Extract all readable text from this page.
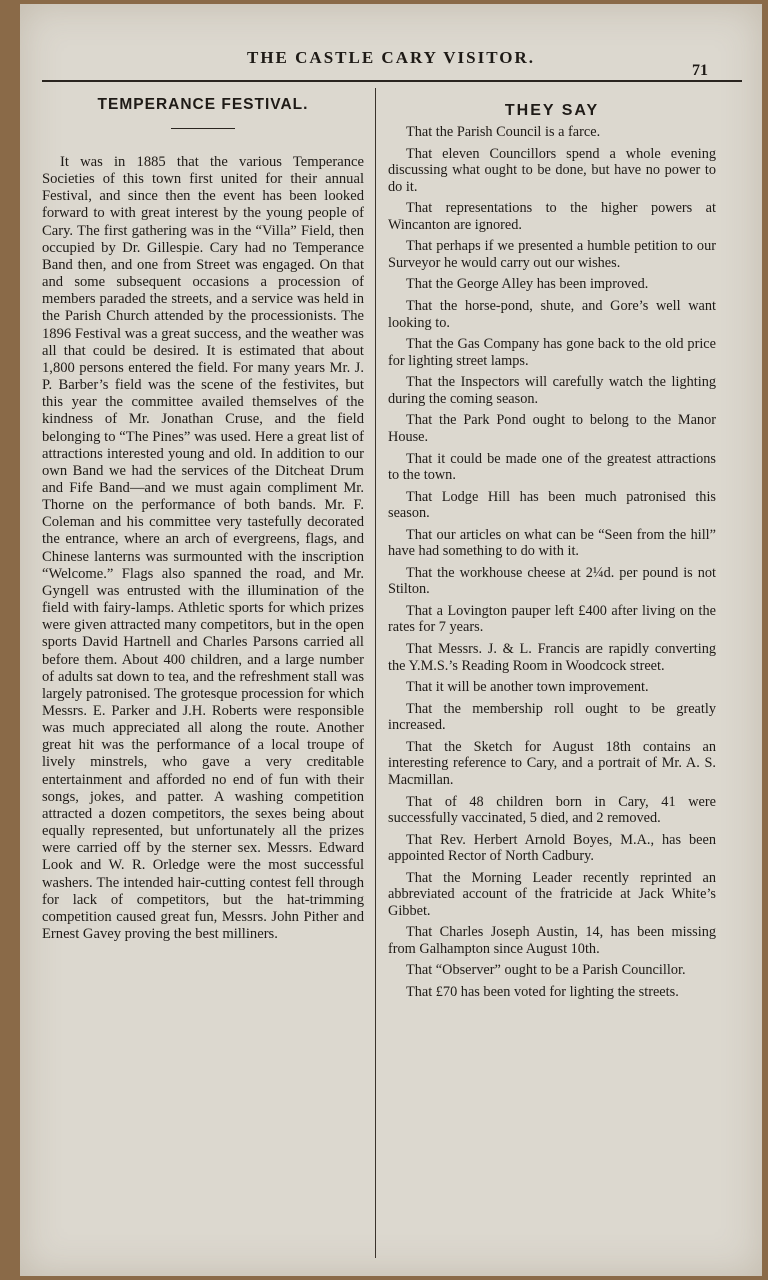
THE CASTLE CARY VISITOR.
71
TEMPERANCE FESTIVAL.

It was in 1885 that the various Temperance Societies of this town first united for their annual Festival, and since then the event has been looked forward to with great interest by the young people of Cary. The first gathering was in the “Villa” Field, then occupied by Dr. Gillespie. Cary had no Temperance Band then, and one from Street was engaged. On that and some subsequent occasions a procession of members paraded the streets, and a service was held in the Parish Church attended by the processionists. The 1896 Festival was a great success, and the weather was all that could be desired. It is estimated that about 1,800 persons entered the field. For many years Mr. J. P. Barber’s field was the scene of the festivites, but this year the committee availed themselves of the kindness of Mr. Jonathan Cruse, and the field belonging to “The Pines” was used. Here a great list of attractions interested young and old. In addition to our own Band we had the services of the Ditcheat Drum and Fife Band—and we must again compliment Mr. Thorne on the performance of both bands. Mr. F. Coleman and his committee very tastefully decorated the entrance, where an arch of evergreens, flags, and Chinese lanterns was surmounted with the inscription “Welcome.” Flags also spanned the road, and Mr. Gyngell was entrusted with the illumination of the field with fairy-lamps. Athletic sports for which prizes were given attracted many competitors, but in the open sports David Hartnell and Charles Parsons carried all before them. About 400 children, and a large number of adults sat down to tea, and the refreshment stall was largely patronised. The grotesque procession for which Messrs. E. Parker and J.H. Roberts were responsible was much appreciated all along the route. Another great hit was the performance of a local troupe of lively minstrels, who gave a very creditable entertainment and afforded no end of fun with their songs, jokes, and patter. A washing competition attracted a dozen competitors, the sexes being about equally represented, but unfortunately all the prizes were carried off by the sterner sex. Messrs. Edward Look and W. R. Orledge were the most successful washers. The intended hair-cutting contest fell through for lack of competitors, but the hat-trimming competition caused great fun, Messrs. John Pither and Ernest Gavey proving the best milliners.

THEY SAY

That the Parish Council is a farce.

That eleven Councillors spend a whole evening discussing what ought to be done, but have no power to do it.

That representations to the higher powers at Wincanton are ignored.

That perhaps if we presented a humble petition to our Surveyor he would carry out our wishes.

That the George Alley has been improved.

That the horse-pond, shute, and Gore’s well want looking to.

That the Gas Company has gone back to the old price for lighting street lamps.

That the Inspectors will carefully watch the lighting during the coming season.

That the Park Pond ought to belong to the Manor House.

That it could be made one of the greatest attractions to the town.

That Lodge Hill has been much patronised this season.

That our articles on what can be “Seen from the hill” have had something to do with it.

That the workhouse cheese at 2¼d. per pound is not Stilton.

That a Lovington pauper left £400 after living on the rates for 7 years.

That Messrs. J. & L. Francis are rapidly converting the Y.M.S.’s Reading Room in Woodcock street.

That it will be another town improvement.

That the membership roll ought to be greatly increased.

That the Sketch for August 18th contains an interesting reference to Cary, and a portrait of Mr. A. S. Macmillan.

That of 48 children born in Cary, 41 were successfully vaccinated, 5 died, and 2 removed.

That Rev. Herbert Arnold Boyes, M.A., has been appointed Rector of North Cadbury.

That the Morning Leader recently reprinted an abbreviated account of the fratricide at Jack White’s Gibbet.

That Charles Joseph Austin, 14, has been missing from Galhampton since August 10th.

That “Observer” ought to be a Parish Councillor.

That £70 has been voted for lighting the streets.
